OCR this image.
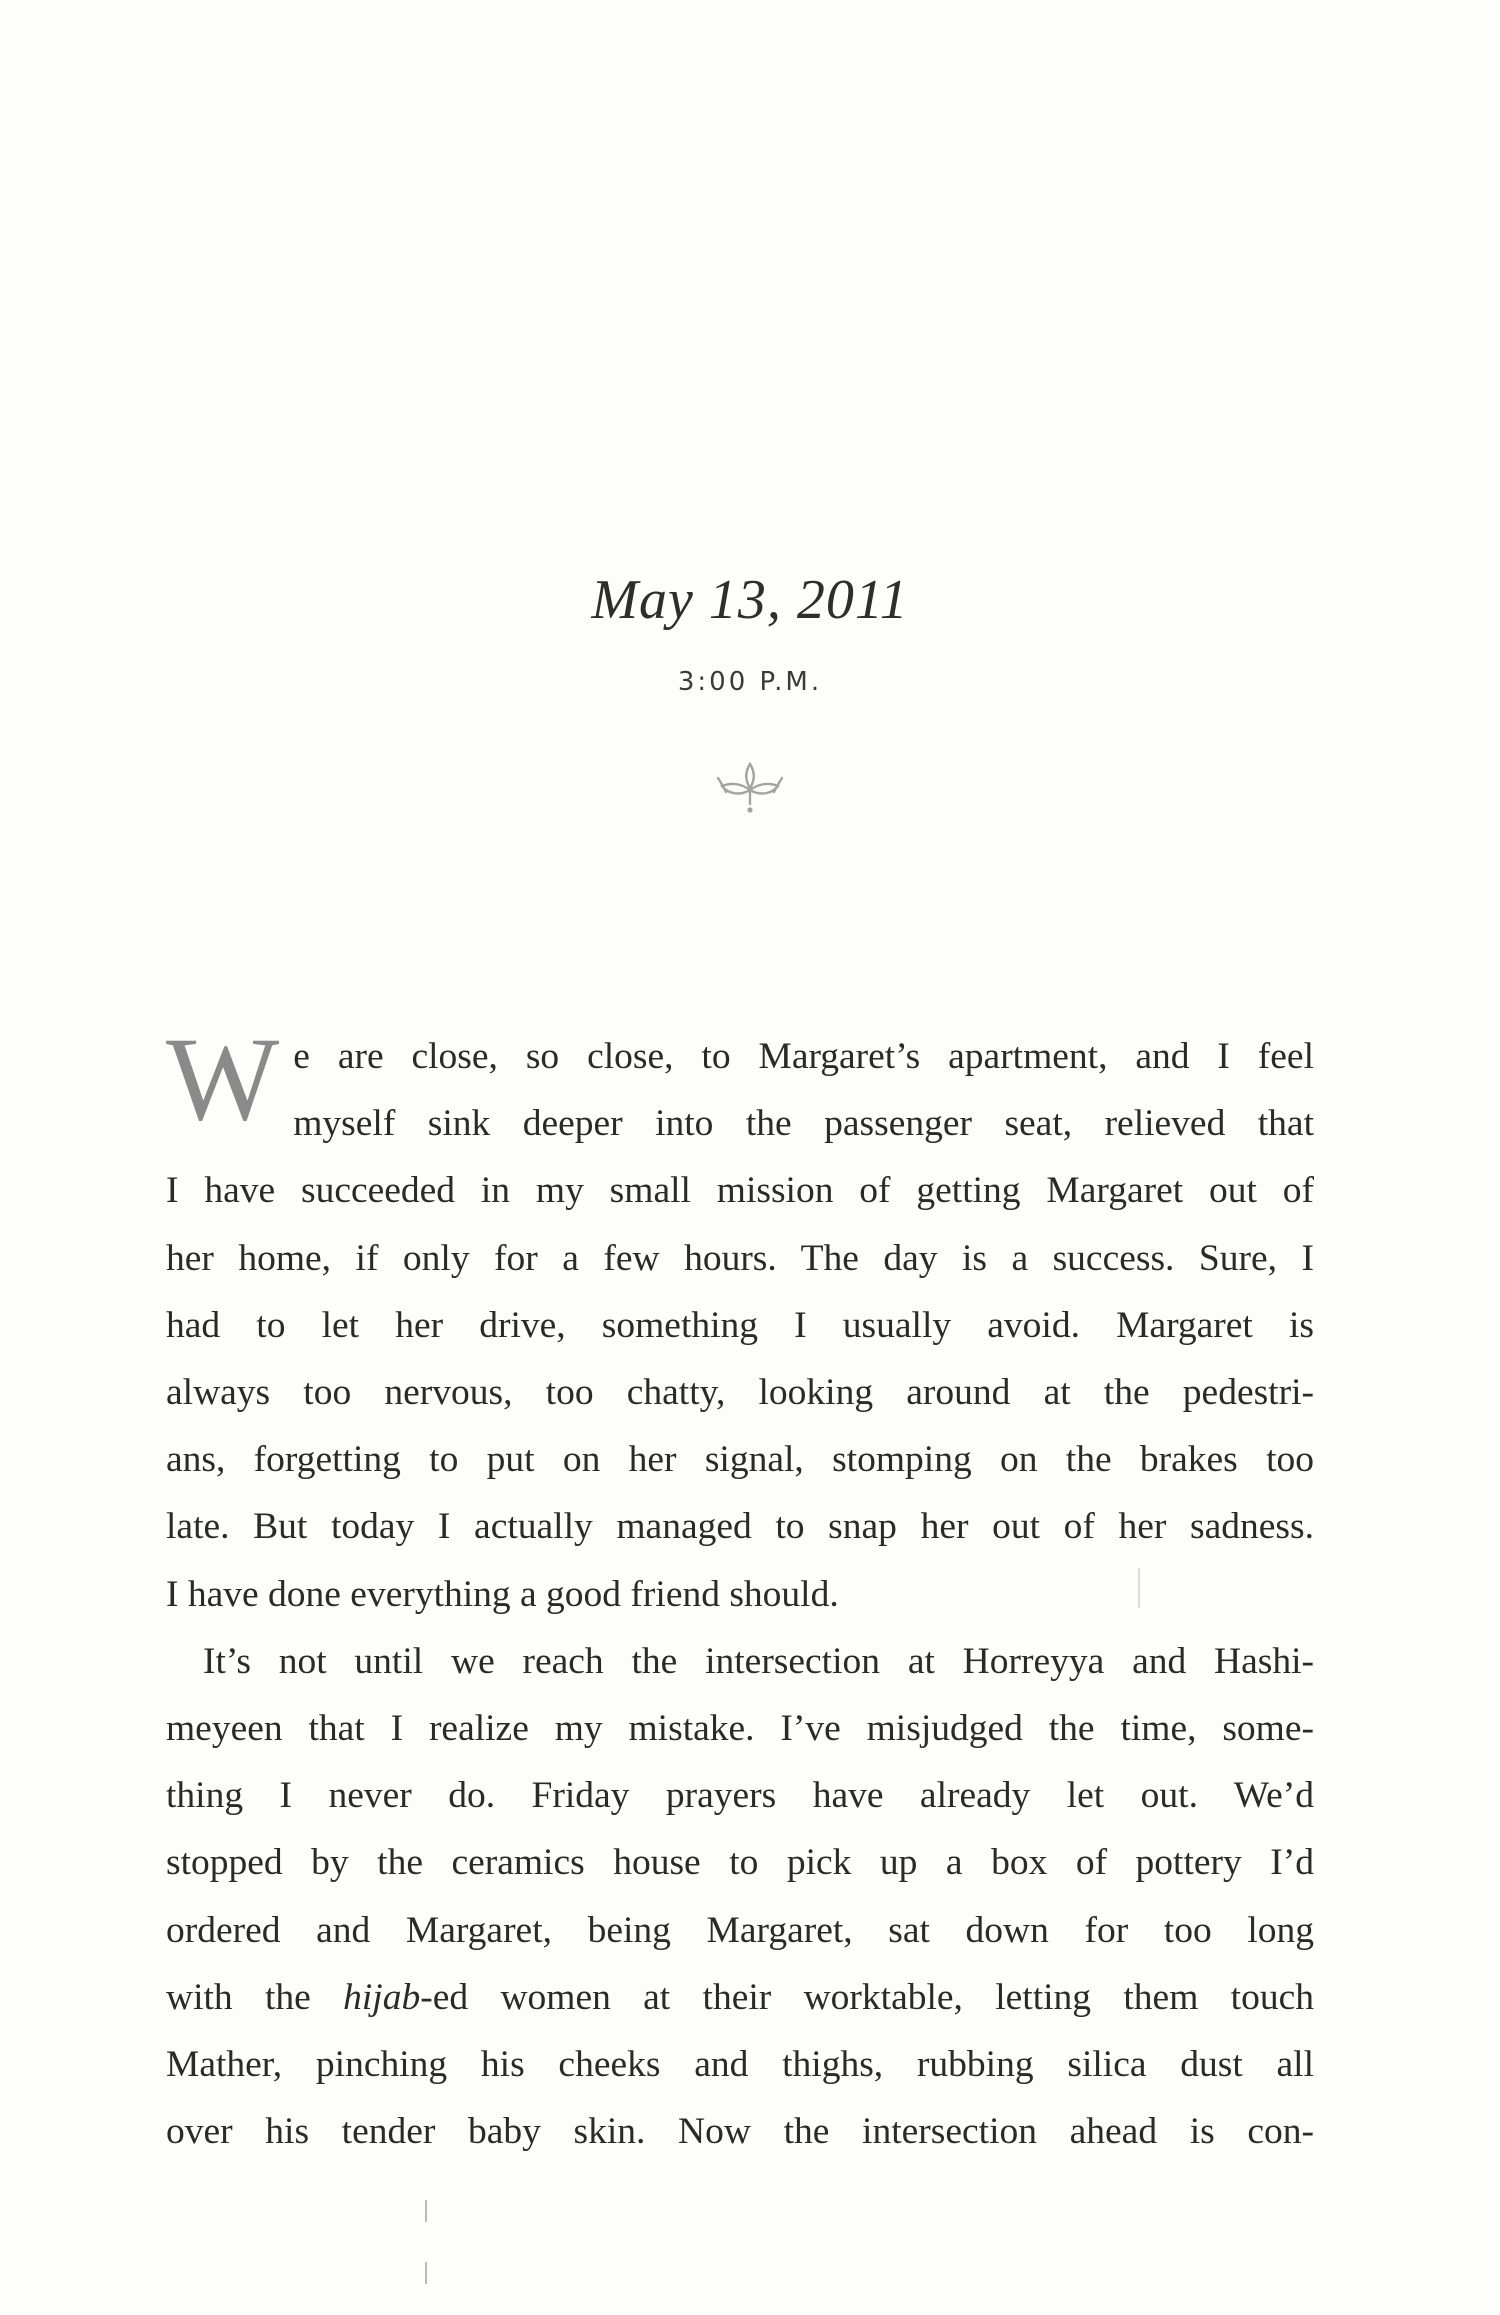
May 13, 2011
3:00 P.M.

W e are close, so close, to Margaret’s apartment, and I feel
myself sink deeper into the passenger seat, relieved that
I have succeeded in my small mission of getting Margaret out of
her home, if only for a few hours. The day is a success. Sure, I
had to let her drive, something I usually avoid. Margaret is
always too nervous, too chatty, looking around at the pedestri-
ans, forgetting to put on her signal, stomping on the brakes too
late. But today I actually managed to snap her out of her sadness.
I have done everything a good friend should.

It’s not until we reach the intersection at Horreyya and Hashi-
meyeen that I realize my mistake. I’ve misjudged the time, some-
thing I never do. Friday prayers have already let out. We’d
stopped by the ceramics house to pick up a box of pottery I’d
ordered and Margaret, being Margaret, sat down for too long
with the hijab-ed women at their worktable, letting them touch
Mather, pinching his cheeks and thighs, rubbing silica dust all
over his tender baby skin. Now the intersection ahead is con-
